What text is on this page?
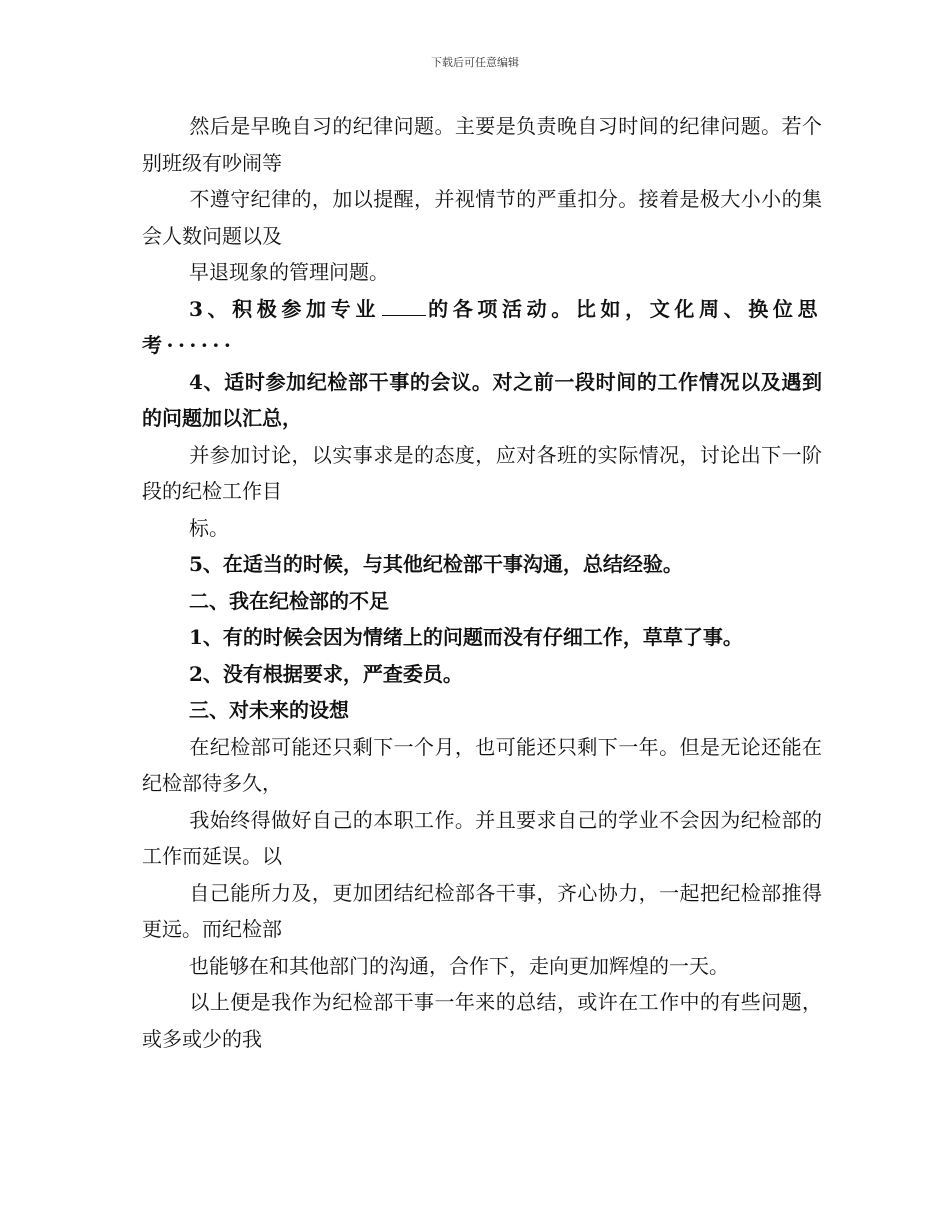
下载后可任意编辑

然后是早晚自习的纪律问题。主要是负责晚自习时间的纪律问题。若个别班级有吵闹等

不遵守纪律的，加以提醒，并视情节的严重扣分。接着是极大小小的集会人数问题以及

早退现象的管理问题。

3、积极参加专业 的各项活动。比如，文化周、换位思考······

4、适时参加纪检部干事的会议。对之前一段时间的工作情况以及遇到的问题加以汇总，

并参加讨论，以实事求是的态度，应对各班的实际情况，讨论出下一阶段的纪检工作目

标。

5、在适当的时候，与其他纪检部干事沟通，总结经验。

二、我在纪检部的不足

1、有的时候会因为情绪上的问题而没有仔细工作，草草了事。

2、没有根据要求，严查委员。

三、对未来的设想

在纪检部可能还只剩下一个月，也可能还只剩下一年。但是无论还能在纪检部待多久，

我始终得做好自己的本职工作。并且要求自己的学业不会因为纪检部的工作而延误。以

自己能所力及，更加团结纪检部各干事，齐心协力，一起把纪检部推得更远。而纪检部

也能够在和其他部门的沟通，合作下，走向更加辉煌的一天。

以上便是我作为纪检部干事一年来的总结，或许在工作中的有些问题，或多或少的我
